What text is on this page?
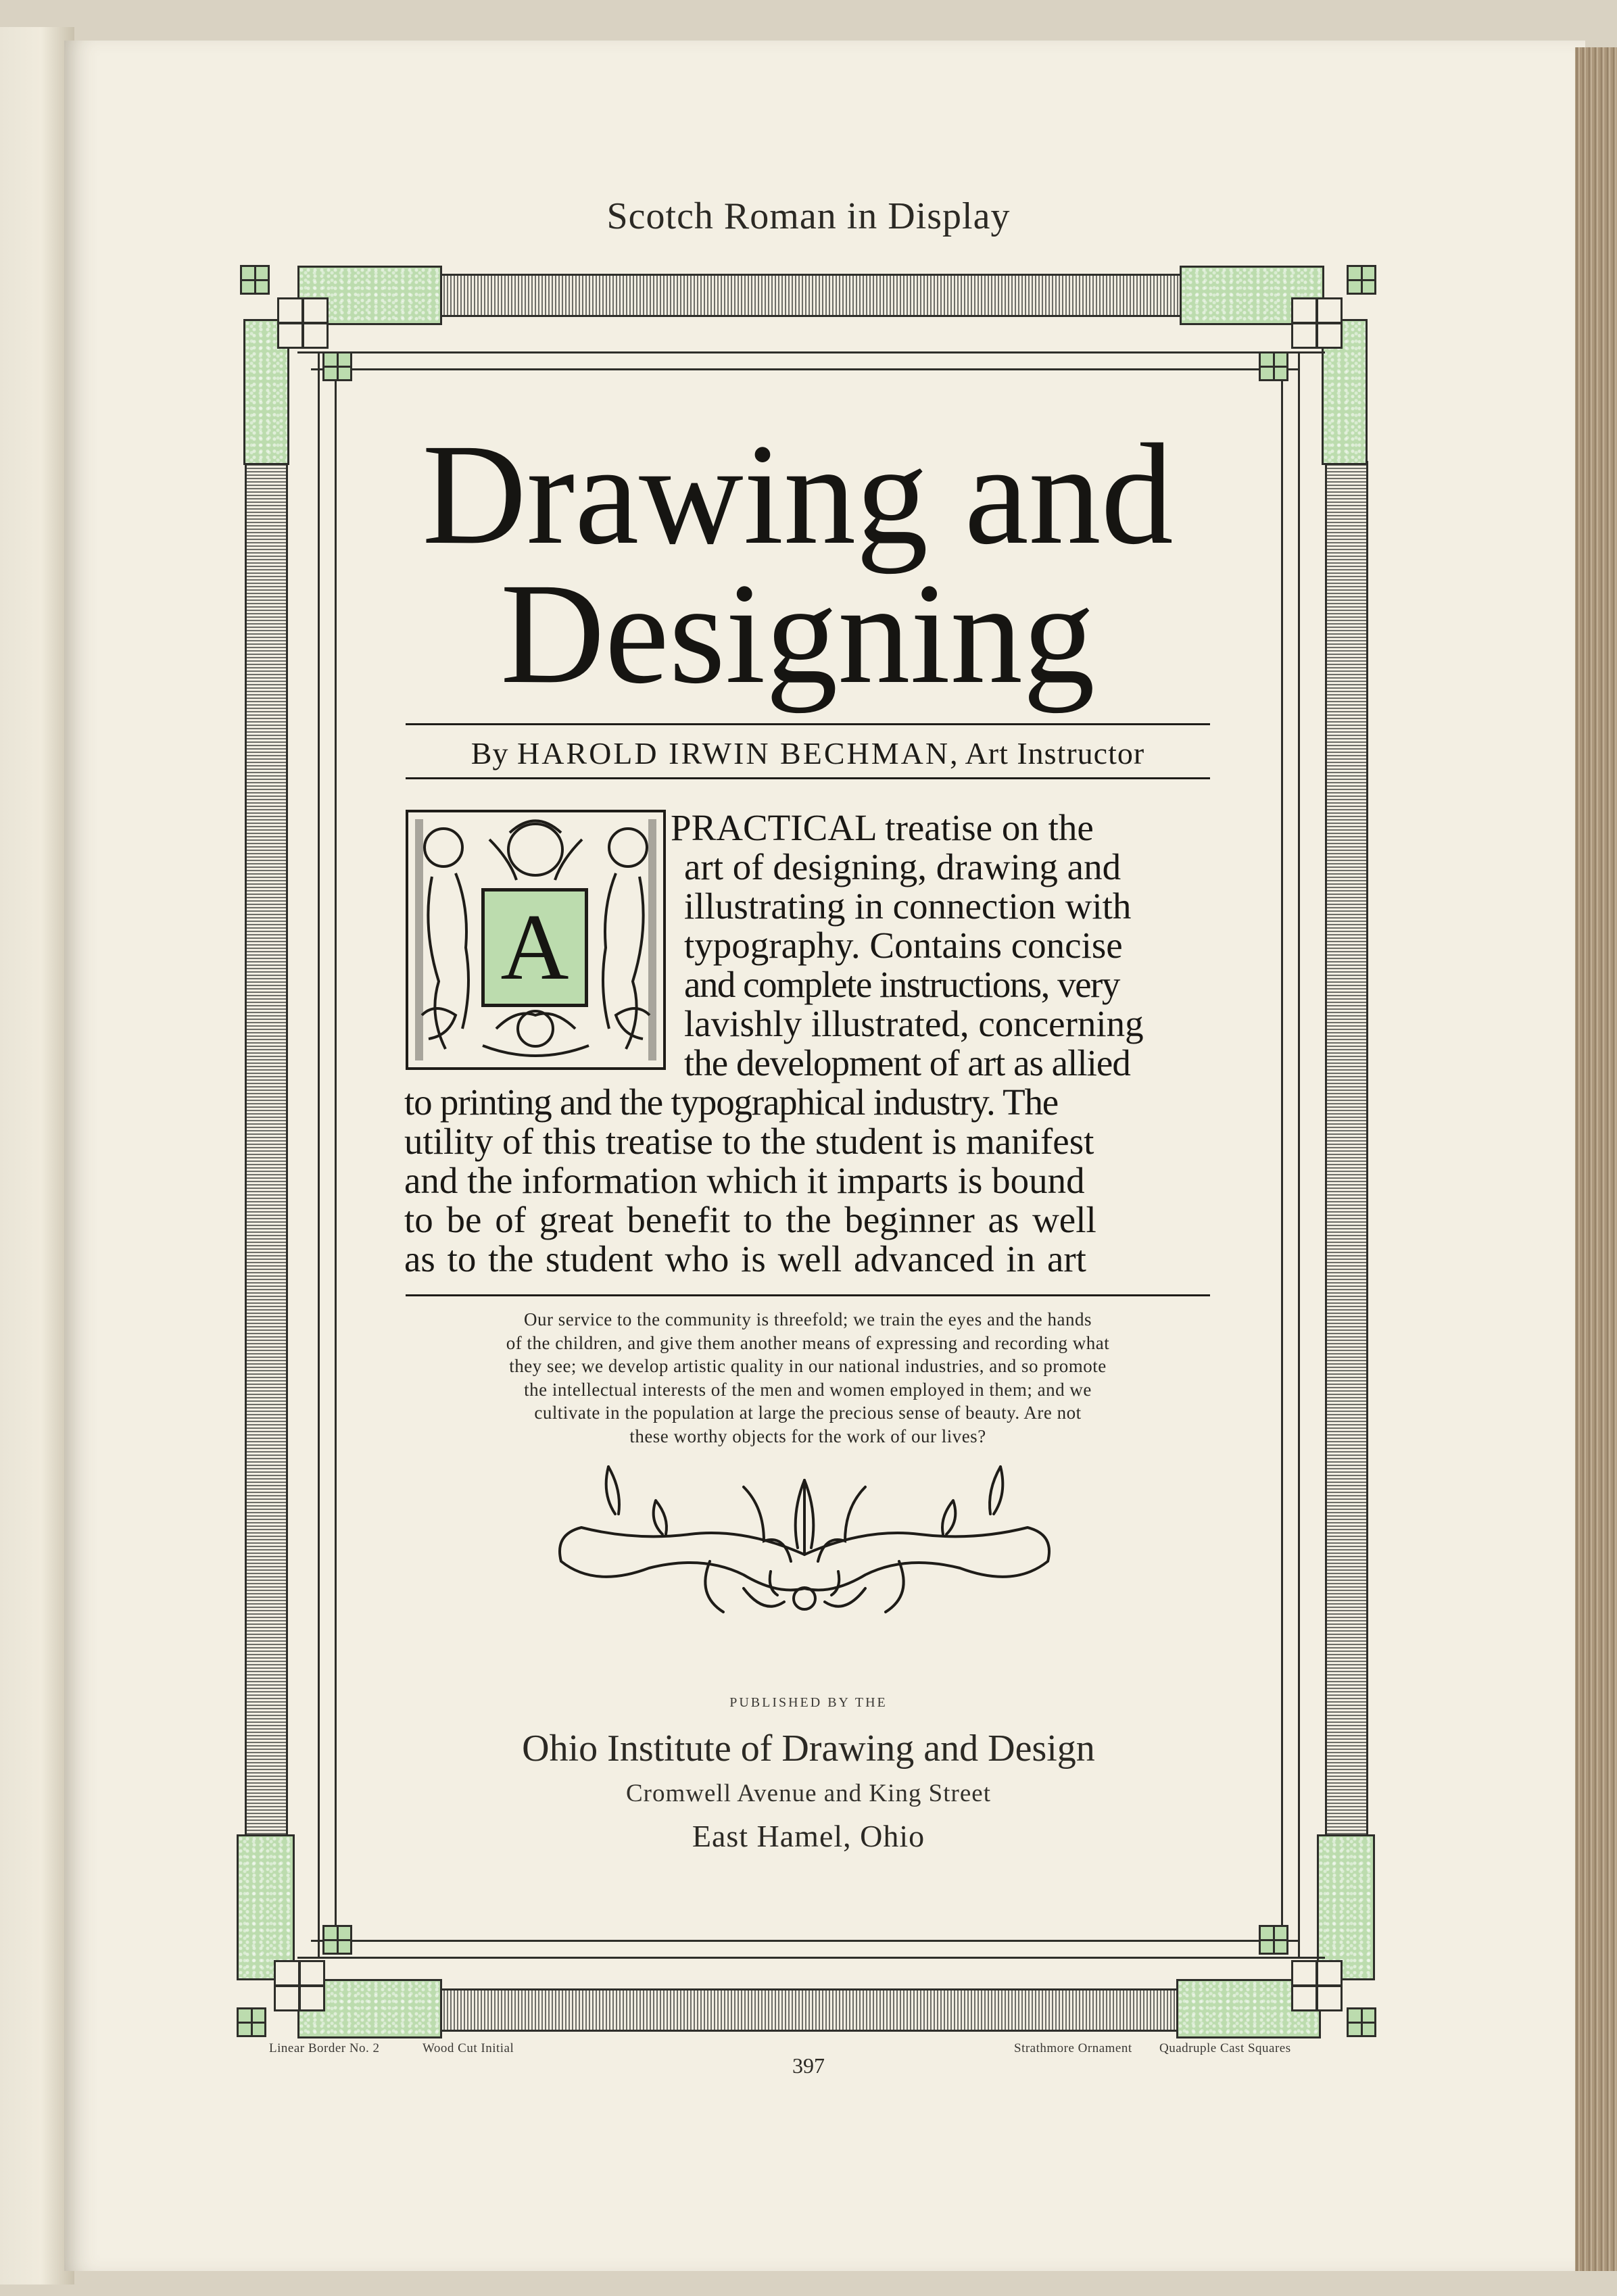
Scotch Roman in Display
Drawing and
Designing
By HAROLD IRWIN BECHMAN, Art Instructor
A
PRACTICAL treatise on the
art of designing, drawing and
illustrating in connection with
typography. Contains concise
and complete instructions, very
lavishly illustrated, concerning
the development of art as allied
to printing and the typographical industry. The
utility of this treatise to the student is manifest
and the information which it imparts is bound
to be of great benefit to the beginner as well
as to the student who is well advanced in art
Our service to the community is threefold; we train the eyes and the hands
of the children, and give them another means of expressing and recording what
they see; we develop artistic quality in our national industries, and so promote
the intellectual interests of the men and women employed in them; and we
cultivate in the population at large the precious sense of beauty. Are not
these worthy objects for the work of our lives?
PUBLISHED BY THE
Ohio Institute of Drawing and Design
Cromwell Avenue and King Street
East Hamel, Ohio
Linear Border No. 2	Wood Cut Initial	Strathmore Ornament Quadruple Cast Squares
397
